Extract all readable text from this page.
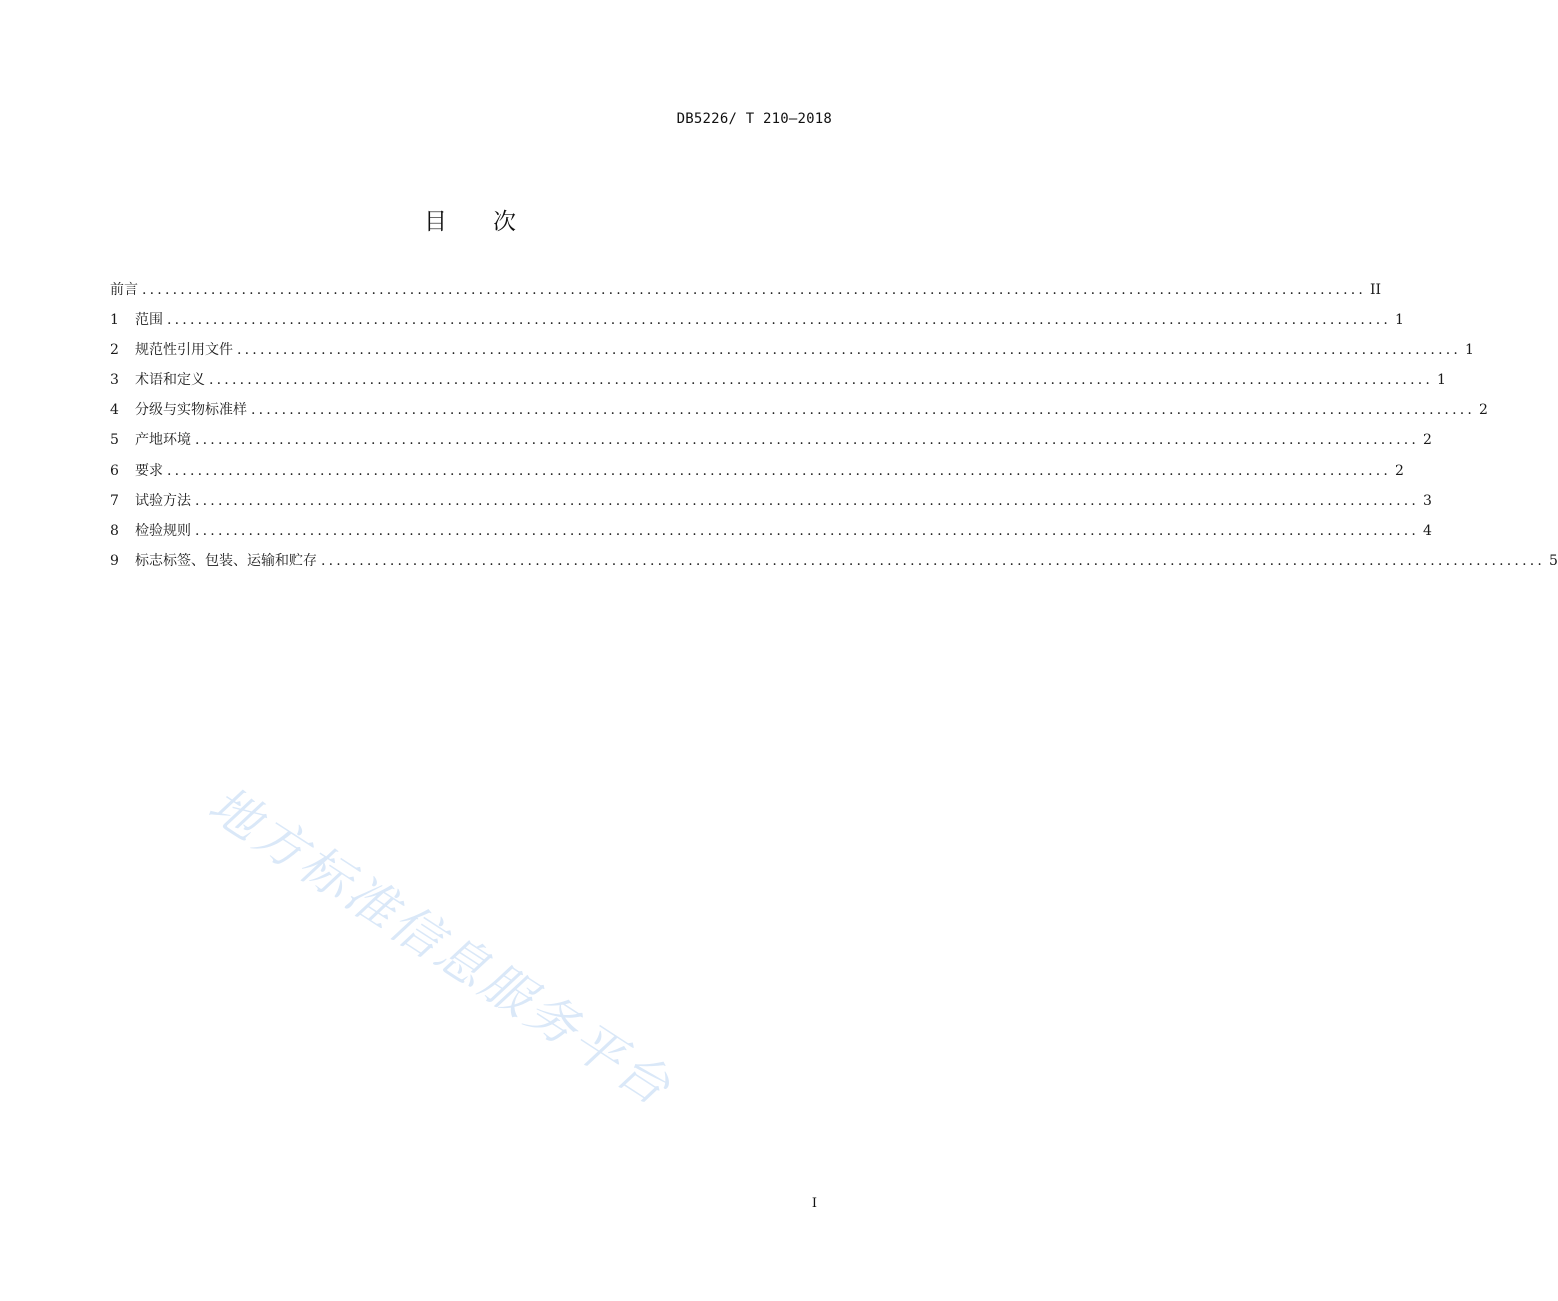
DB5226/ T 210—2018
目 次
前言 ................................................................................................................................................................ II
1	范围 ................................................................................................................................................................ 1
2	规范性引用文件 ................................................................................................................................................................ 1
3	术语和定义 ................................................................................................................................................................ 1
4	分级与实物标准样 ................................................................................................................................................................ 2
5	产地环境 ................................................................................................................................................................ 2
6	要求 ................................................................................................................................................................ 2
7	试验方法 ................................................................................................................................................................ 3
8	检验规则 ................................................................................................................................................................ 4
9	标志标签、包装、运输和贮存 ................................................................................................................................................................ 5
地方标准信息服务平台
I
